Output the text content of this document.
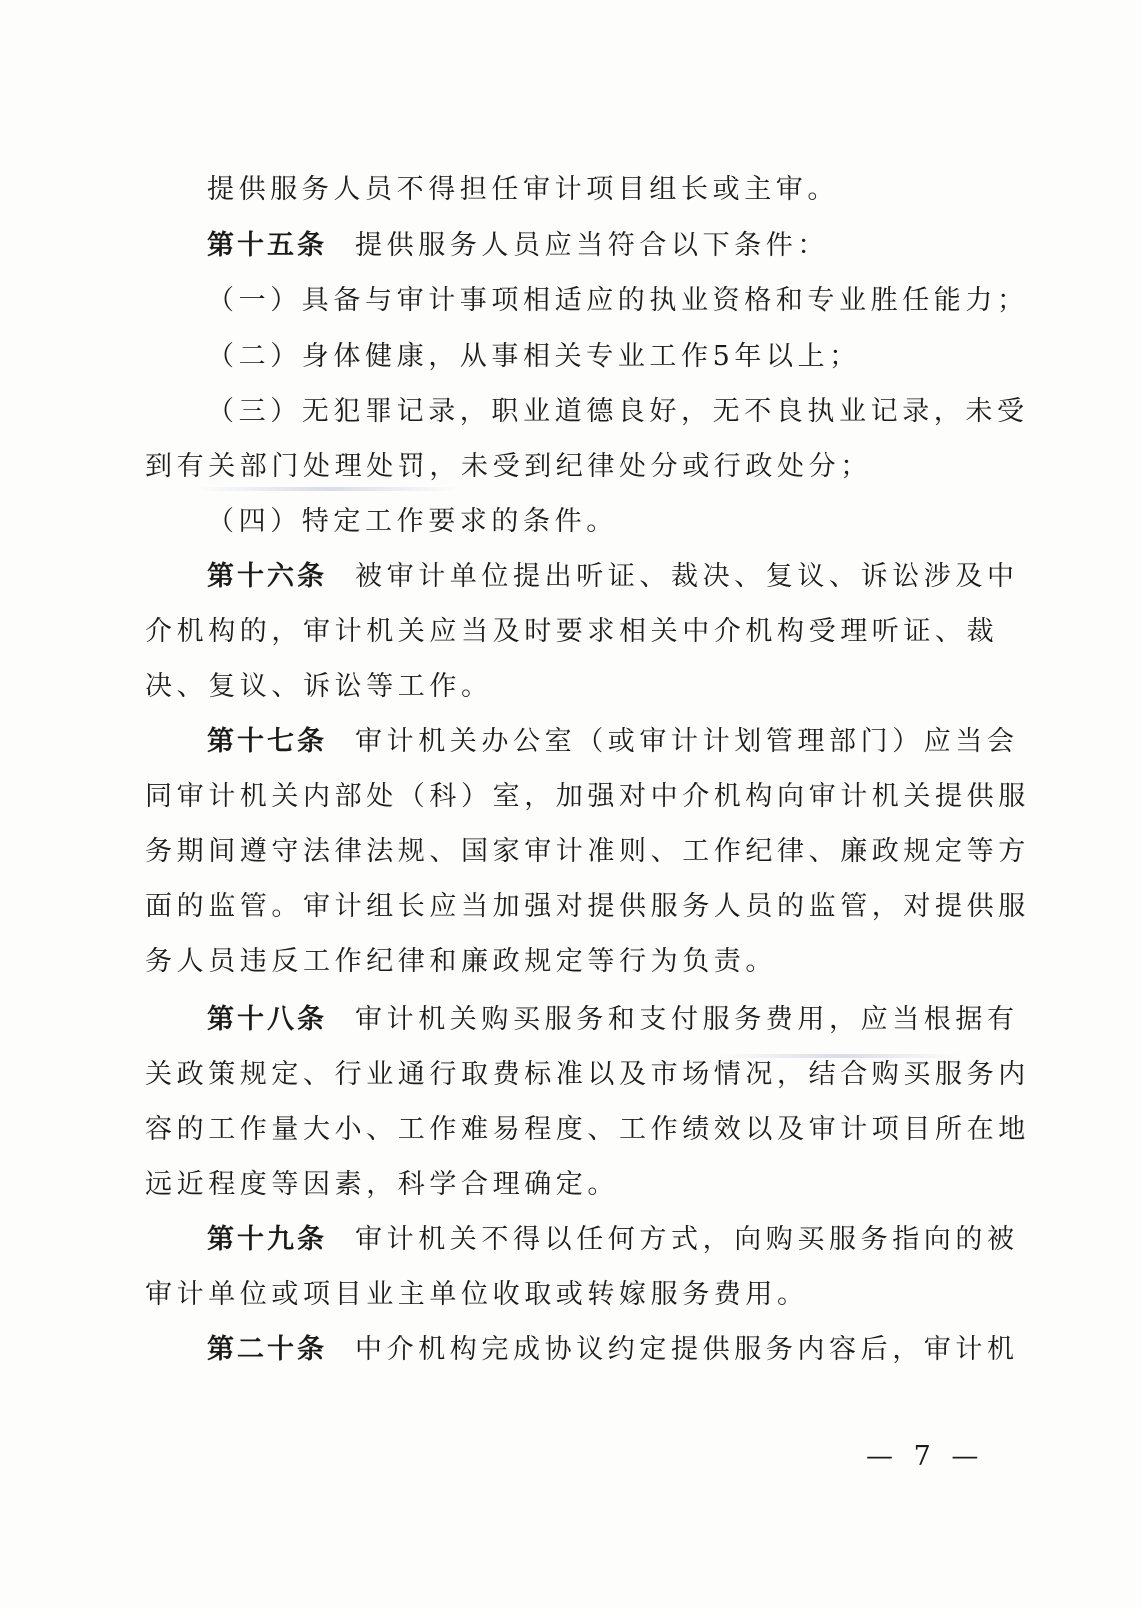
提供服务人员不得担任审计项目组长或主审。
第十五条 提供服务人员应当符合以下条件：
（一）具备与审计事项相适应的执业资格和专业胜任能力；
（二）身体健康，从事相关专业工作5年以上；
（三）无犯罪记录，职业道德良好，无不良执业记录，未受
到有关部门处理处罚，未受到纪律处分或行政处分；
（四）特定工作要求的条件。
第十六条 被审计单位提出听证、裁决、复议、诉讼涉及中
介机构的，审计机关应当及时要求相关中介机构受理听证、裁
决、复议、诉讼等工作。
第十七条 审计机关办公室（或审计计划管理部门）应当会
同审计机关内部处（科）室，加强对中介机构向审计机关提供服
务期间遵守法律法规、国家审计准则、工作纪律、廉政规定等方
面的监管。审计组长应当加强对提供服务人员的监管，对提供服
务人员违反工作纪律和廉政规定等行为负责。
第十八条 审计机关购买服务和支付服务费用，应当根据有
关政策规定、行业通行取费标准以及市场情况，结合购买服务内
容的工作量大小、工作难易程度、工作绩效以及审计项目所在地
远近程度等因素，科学合理确定。
第十九条 审计机关不得以任何方式，向购买服务指向的被
审计单位或项目业主单位收取或转嫁服务费用。
第二十条 中介机构完成协议约定提供服务内容后，审计机
— 7 —
